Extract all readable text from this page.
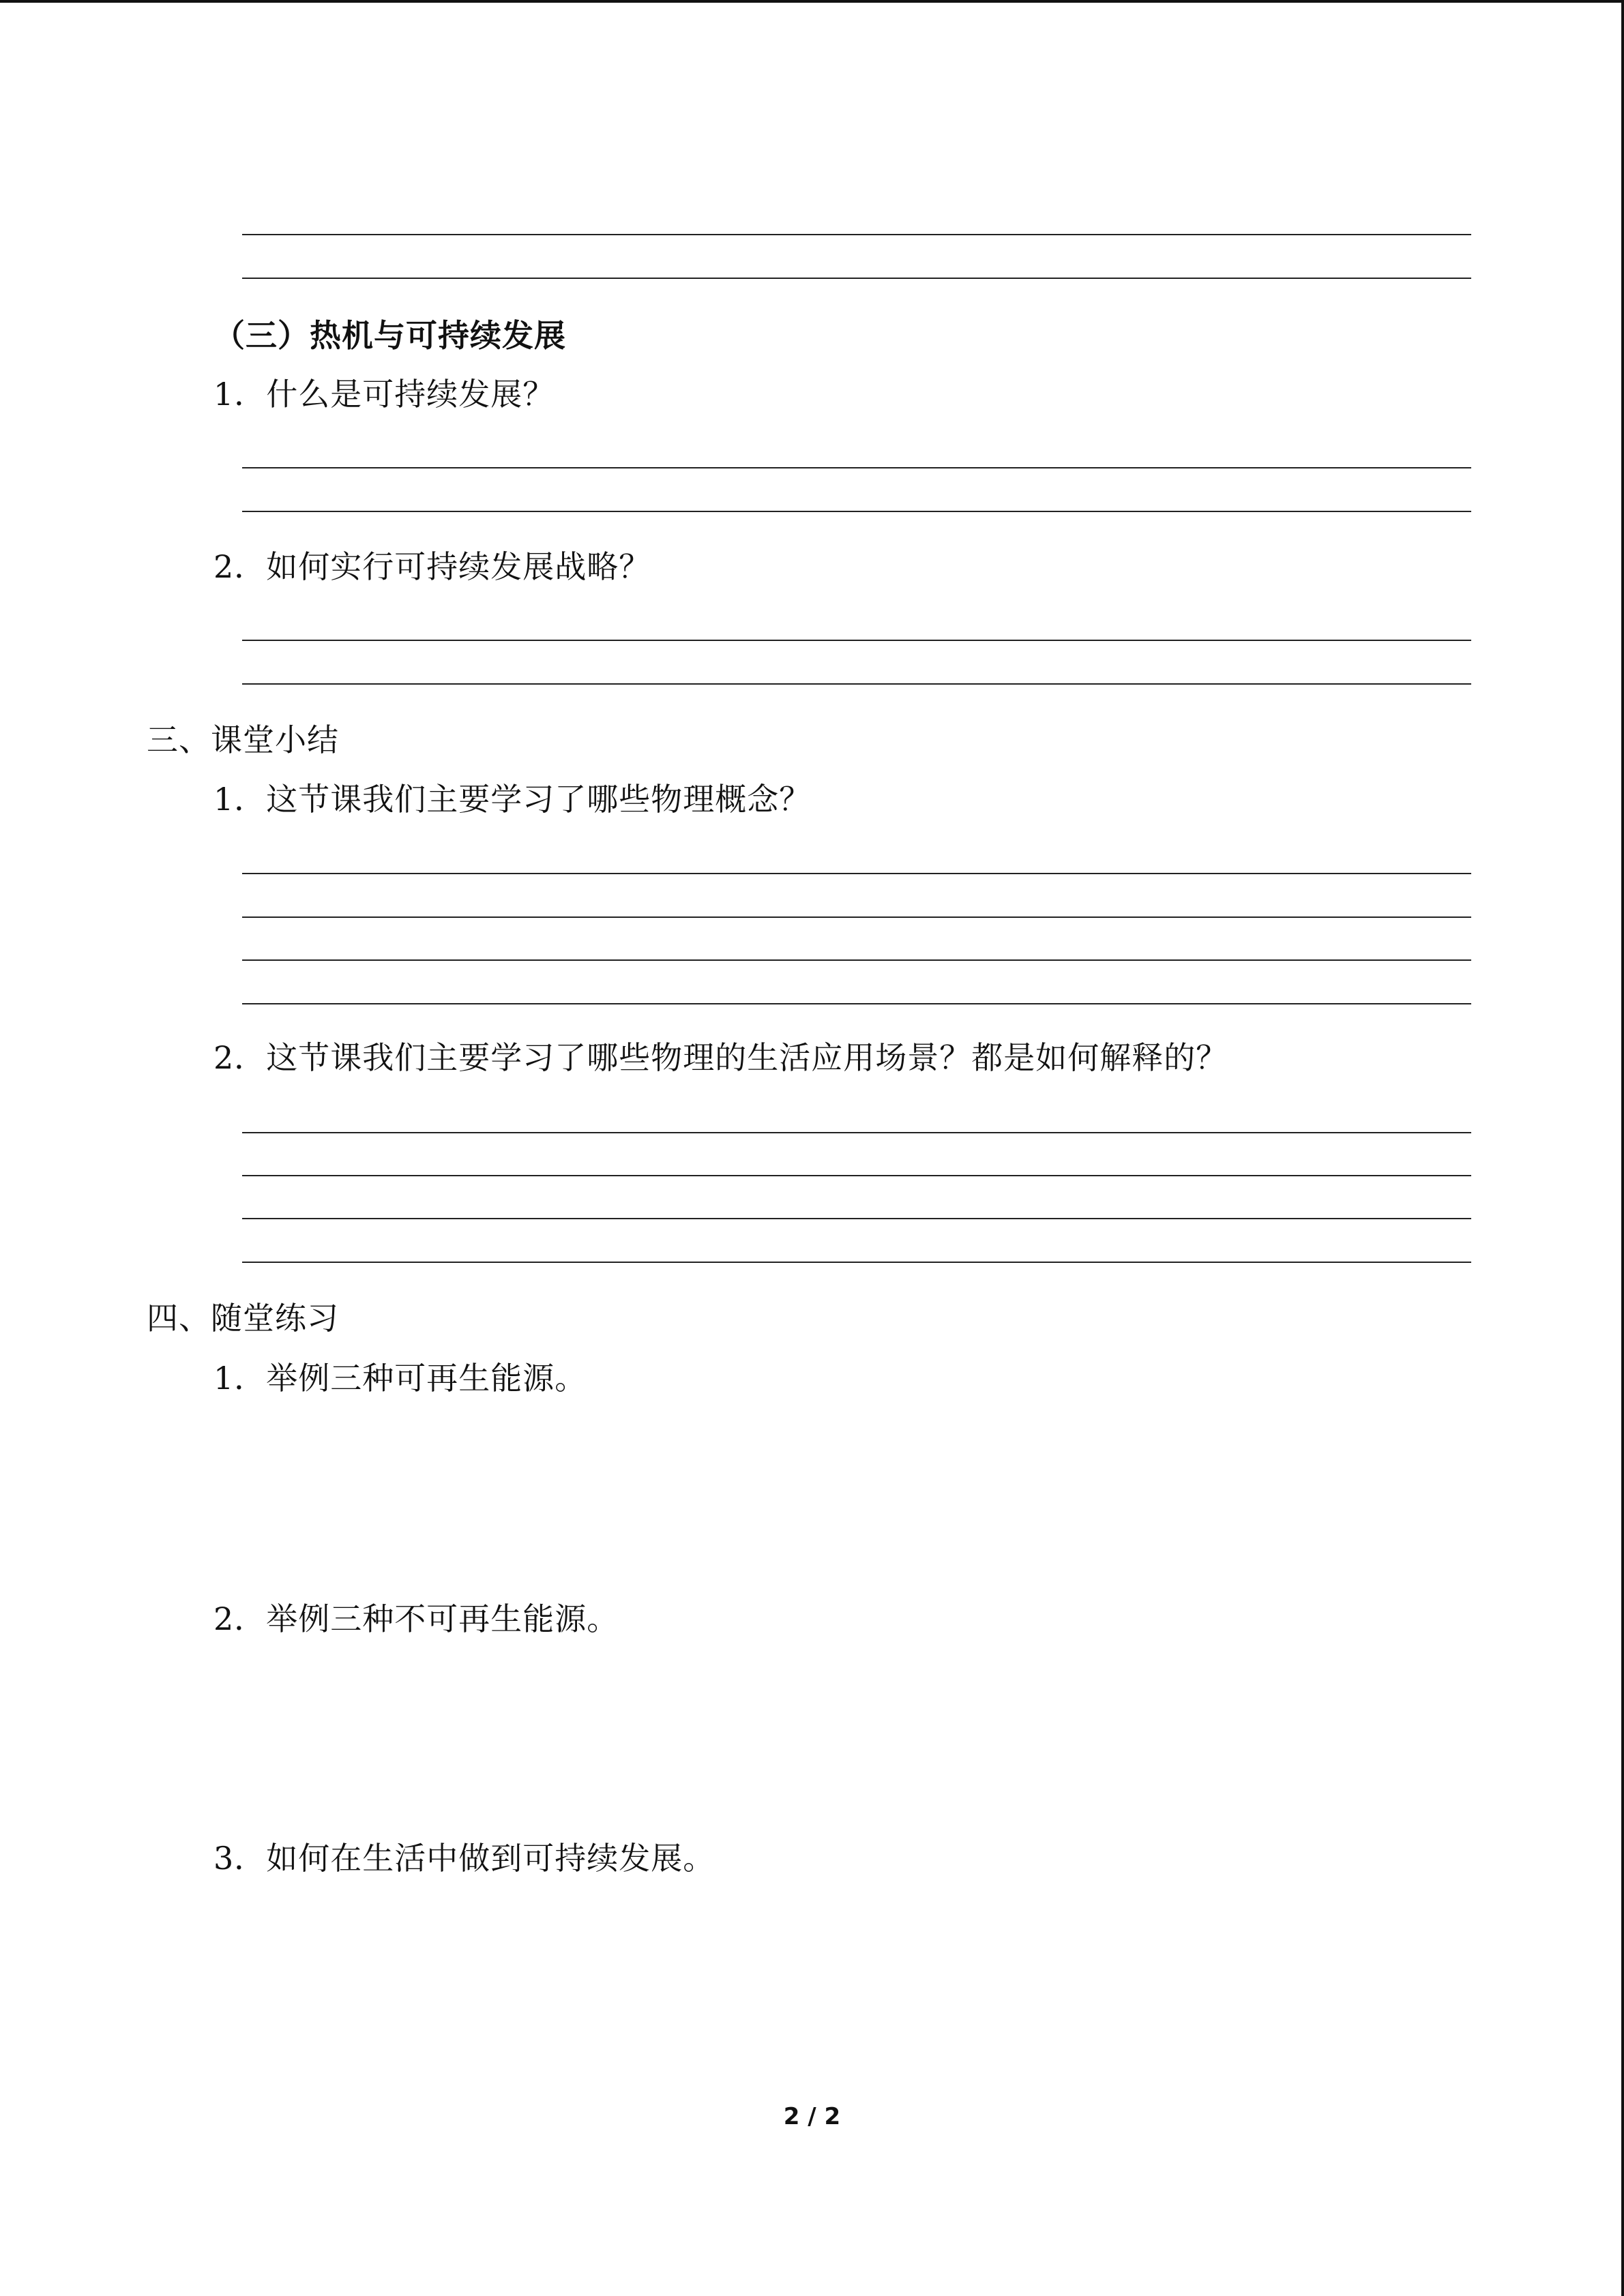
（三）热机与可持续发展
1．什么是可持续发展？
2．如何实行可持续发展战略？
三、课堂小结
1．这节课我们主要学习了哪些物理概念？
2．这节课我们主要学习了哪些物理的生活应用场景？都是如何解释的？
四、随堂练习
1．举例三种可再生能源。
2．举例三种不可再生能源。
3．如何在生活中做到可持续发展。
2 / 2
